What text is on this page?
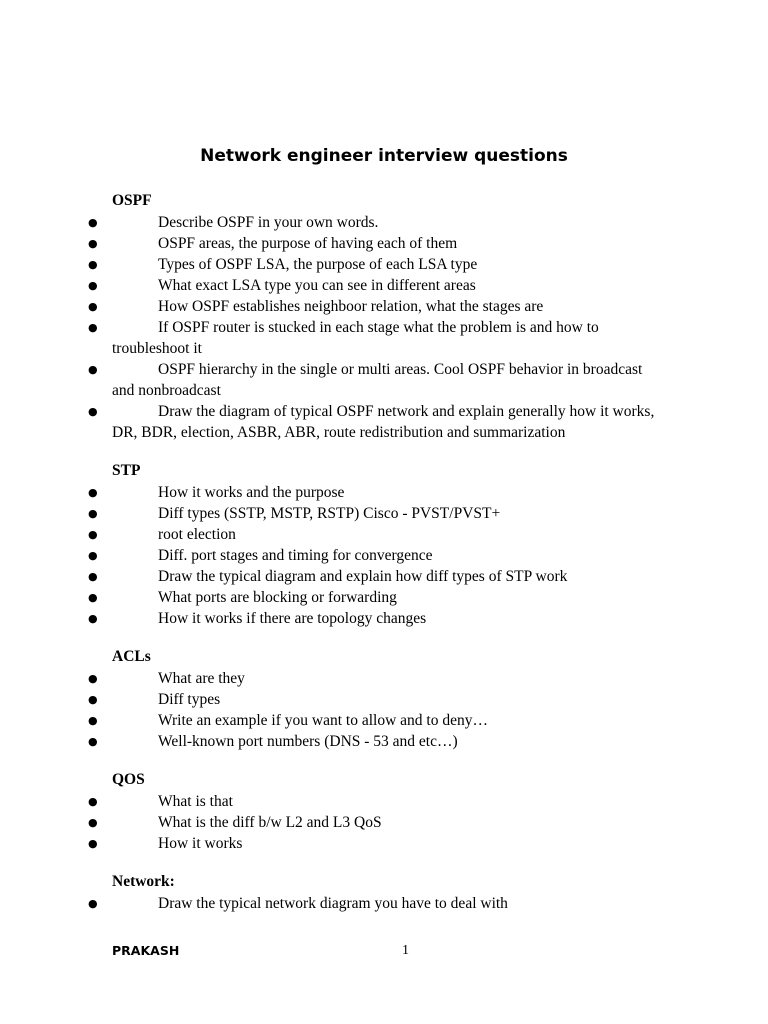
Network engineer interview questions
OSPF
●	Describe OSPF in your own words.
●	OSPF areas, the purpose of having each of them
●	Types of OSPF LSA, the purpose of each LSA type
●	What exact LSA type you can see in different areas
●	How OSPF establishes neighboor relation, what the stages are
●	If OSPF router is stucked in each stage what the problem is and how to troubleshoot it
●	OSPF hierarchy in the single or multi areas. Cool OSPF behavior in broadcast and nonbroadcast
●	Draw the diagram of typical OSPF network and explain generally how it works, DR, BDR, election, ASBR, ABR, route redistribution and summarization
STP
●	How it works and the purpose
●	Diff types (SSTP, MSTP, RSTP) Cisco - PVST/PVST+
●	root election
●	Diff. port stages and timing for convergence
●	Draw the typical diagram and explain how diff types of STP work
●	What ports are blocking or forwarding
●	How it works if there are topology changes
ACLs
●	What are they
●	Diff types
●	Write an example if you want to allow and to deny…
●	Well-known port numbers (DNS - 53 and etc…)
QOS
●	What is that
●	What is the diff b/w L2 and L3 QoS
●	How it works
Network:
●	Draw the typical network diagram you have to deal with
PRAKASH	1
